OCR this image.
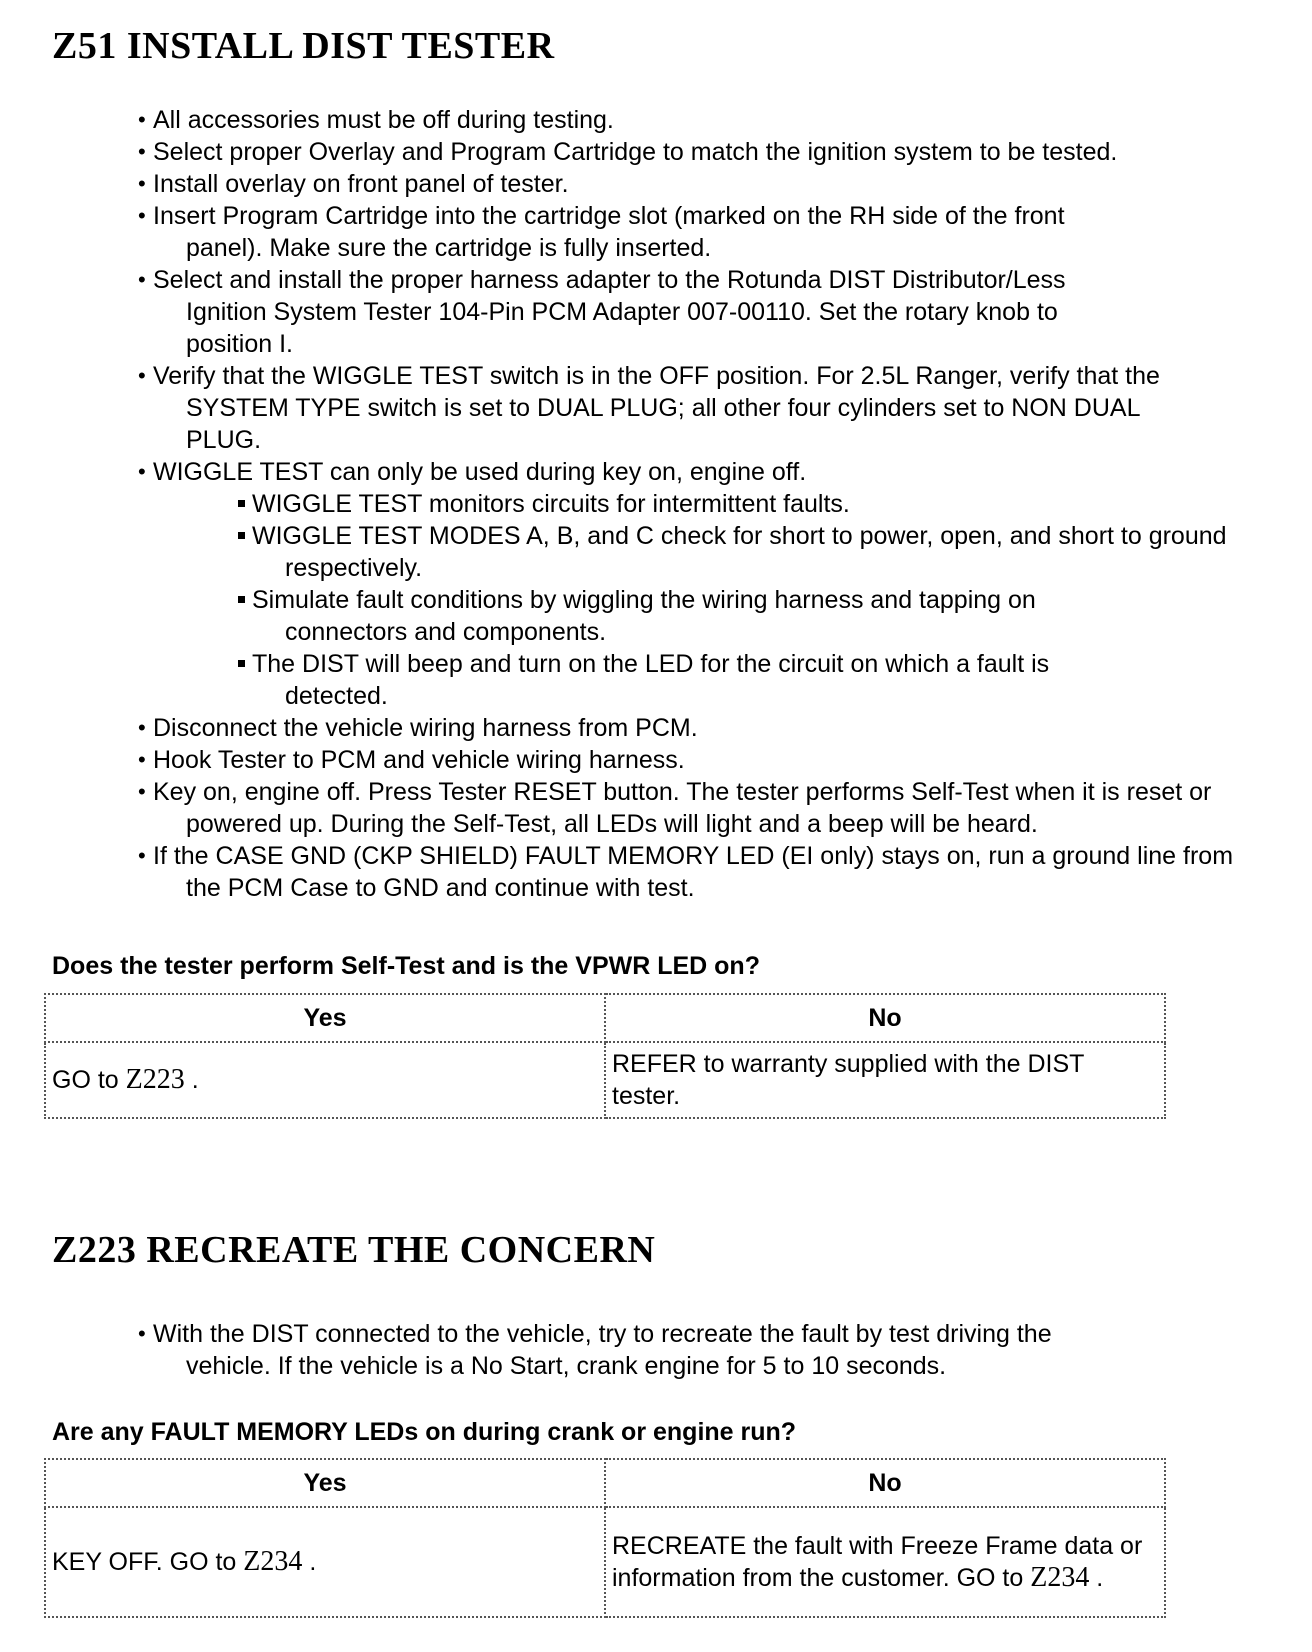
Z51 INSTALL DIST TESTER
• All accessories must be off during testing.
• Select proper Overlay and Program Cartridge to match the ignition system to be tested.
• Install overlay on front panel of tester.
• Insert Program Cartridge into the cartridge slot (marked on the RH side of the front panel). Make sure the cartridge is fully inserted.
• Select and install the proper harness adapter to the Rotunda DIST Distributor/Less Ignition System Tester 104-Pin PCM Adapter 007-00110. Set the rotary knob to position I.
• Verify that the WIGGLE TEST switch is in the OFF position. For 2.5L Ranger, verify that the SYSTEM TYPE switch is set to DUAL PLUG; all other four cylinders set to NON DUAL PLUG.
• WIGGLE TEST can only be used during key on, engine off.
WIGGLE TEST monitors circuits for intermittent faults.
WIGGLE TEST MODES A, B, and C check for short to power, open, and short to ground respectively.
Simulate fault conditions by wiggling the wiring harness and tapping on connectors and components.
The DIST will beep and turn on the LED for the circuit on which a fault is detected.
• Disconnect the vehicle wiring harness from PCM.
• Hook Tester to PCM and vehicle wiring harness.
• Key on, engine off. Press Tester RESET button. The tester performs Self-Test when it is reset or powered up. During the Self-Test, all LEDs will light and a beep will be heard.
• If the CASE GND (CKP SHIELD) FAULT MEMORY LED (EI only) stays on, run a ground line from the PCM Case to GND and continue with test.

Does the tester perform Self-Test and is the VPWR LED on?

Yes	No
GO to Z223 .	REFER to warranty supplied with the DIST tester.
Z223 RECREATE THE CONCERN
• With the DIST connected to the vehicle, try to recreate the fault by test driving the vehicle. If the vehicle is a No Start, crank engine for 5 to 10 seconds.

Are any FAULT MEMORY LEDs on during crank or engine run?

Yes	No
KEY OFF. GO to Z234 .	RECREATE the fault with Freeze Frame data or information from the customer. GO to Z234 .
